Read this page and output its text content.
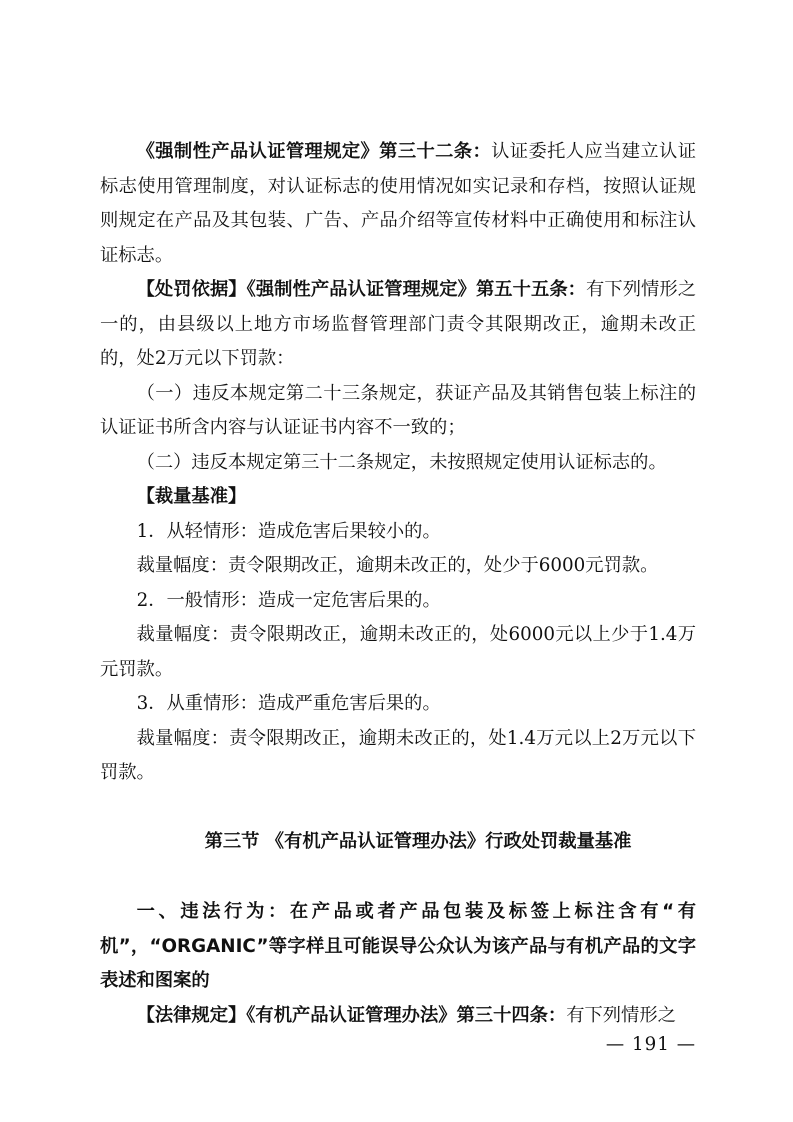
《强制性产品认证管理规定》第三十二条：认证委托人应当建立认证标志使用管理制度，对认证标志的使用情况如实记录和存档，按照认证规则规定在产品及其包装、广告、产品介绍等宣传材料中正确使用和标注认证标志。

【处罚依据】《强制性产品认证管理规定》第五十五条：有下列情形之一的，由县级以上地方市场监督管理部门责令其限期改正，逾期未改正的，处2万元以下罚款：

（一）违反本规定第二十三条规定，获证产品及其销售包装上标注的认证证书所含内容与认证证书内容不一致的；

（二）违反本规定第三十二条规定，未按照规定使用认证标志的。

【裁量基准】

1．从轻情形：造成危害后果较小的。

裁量幅度：责令限期改正，逾期未改正的，处少于6000元罚款。

2．一般情形：造成一定危害后果的。

裁量幅度：责令限期改正，逾期未改正的，处6000元以上少于1.4万元罚款。

3．从重情形：造成严重危害后果的。

裁量幅度：责令限期改正，逾期未改正的，处1.4万元以上2万元以下罚款。

第三节 《有机产品认证管理办法》行政处罚裁量基准

一、违法行为：在产品或者产品包装及标签上标注含有“有机”，“ORGANIC”等字样且可能误导公众认为该产品与有机产品的文字表述和图案的

【法律规定】《有机产品认证管理办法》第三十四条：有下列情形之

— 191 —
